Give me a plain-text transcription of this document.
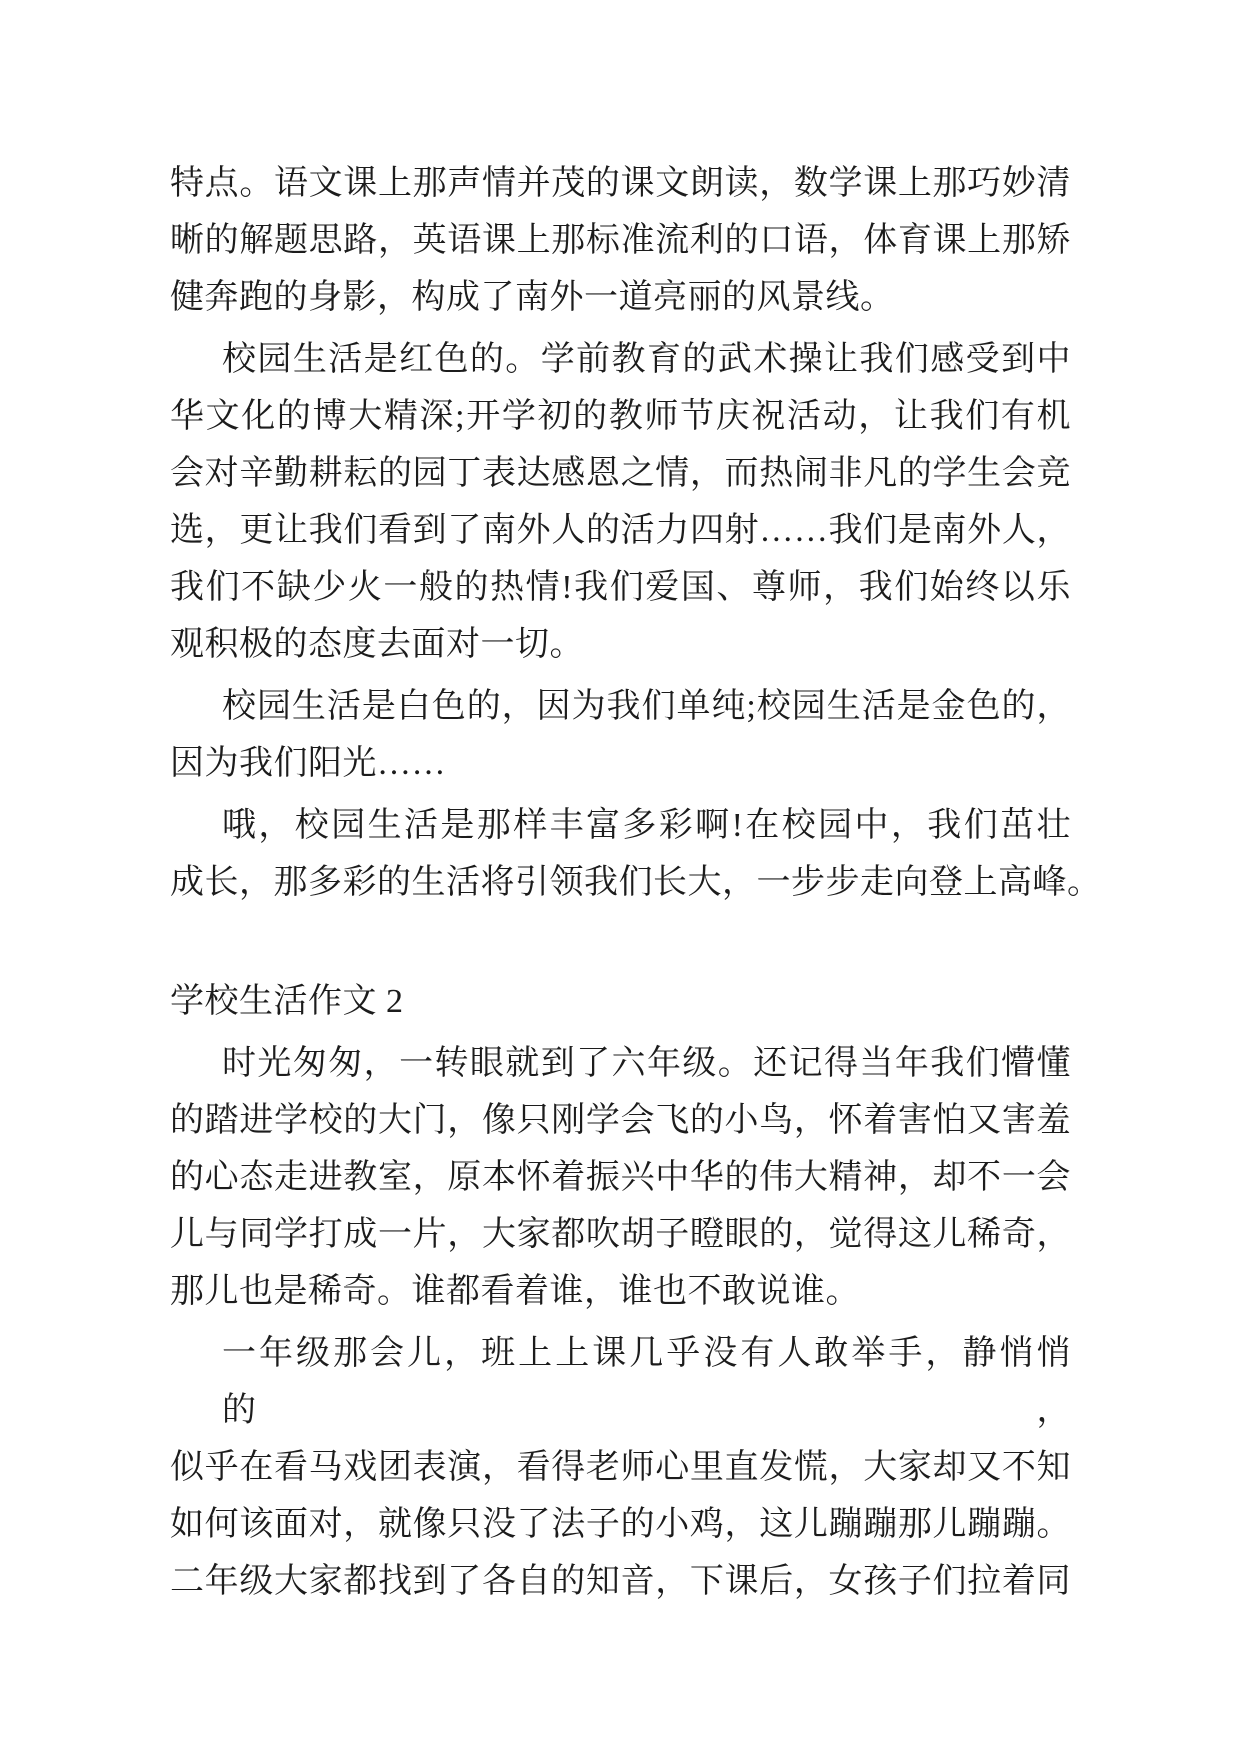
特点。语文课上那声情并茂的课文朗读，数学课上那巧妙清
晰的解题思路，英语课上那标准流利的口语，体育课上那矫
健奔跑的身影，构成了南外一道亮丽的风景线。
校园生活是红色的。学前教育的武术操让我们感受到中
华文化的博大精深;开学初的教师节庆祝活动，让我们有机
会对辛勤耕耘的园丁表达感恩之情，而热闹非凡的学生会竞
选，更让我们看到了南外人的活力四射……我们是南外人，
我们不缺少火一般的热情!我们爱国、尊师，我们始终以乐
观积极的态度去面对一切。
校园生活是白色的，因为我们单纯;校园生活是金色的，
因为我们阳光……
哦，校园生活是那样丰富多彩啊!在校园中，我们茁壮
成长，那多彩的生活将引领我们长大，一步步走向登上高峰。
学校生活作文 2
时光匆匆，一转眼就到了六年级。还记得当年我们懵懂
的踏进学校的大门，像只刚学会飞的小鸟，怀着害怕又害羞
的心态走进教室，原本怀着振兴中华的伟大精神，却不一会
儿与同学打成一片，大家都吹胡子瞪眼的，觉得这儿稀奇，
那儿也是稀奇。谁都看着谁，谁也不敢说谁。
一年级那会儿，班上上课几乎没有人敢举手，静悄悄的，
似乎在看马戏团表演，看得老师心里直发慌，大家却又不知
如何该面对，就像只没了法子的小鸡，这儿蹦蹦那儿蹦蹦。
二年级大家都找到了各自的知音，下课后，女孩子们拉着同
